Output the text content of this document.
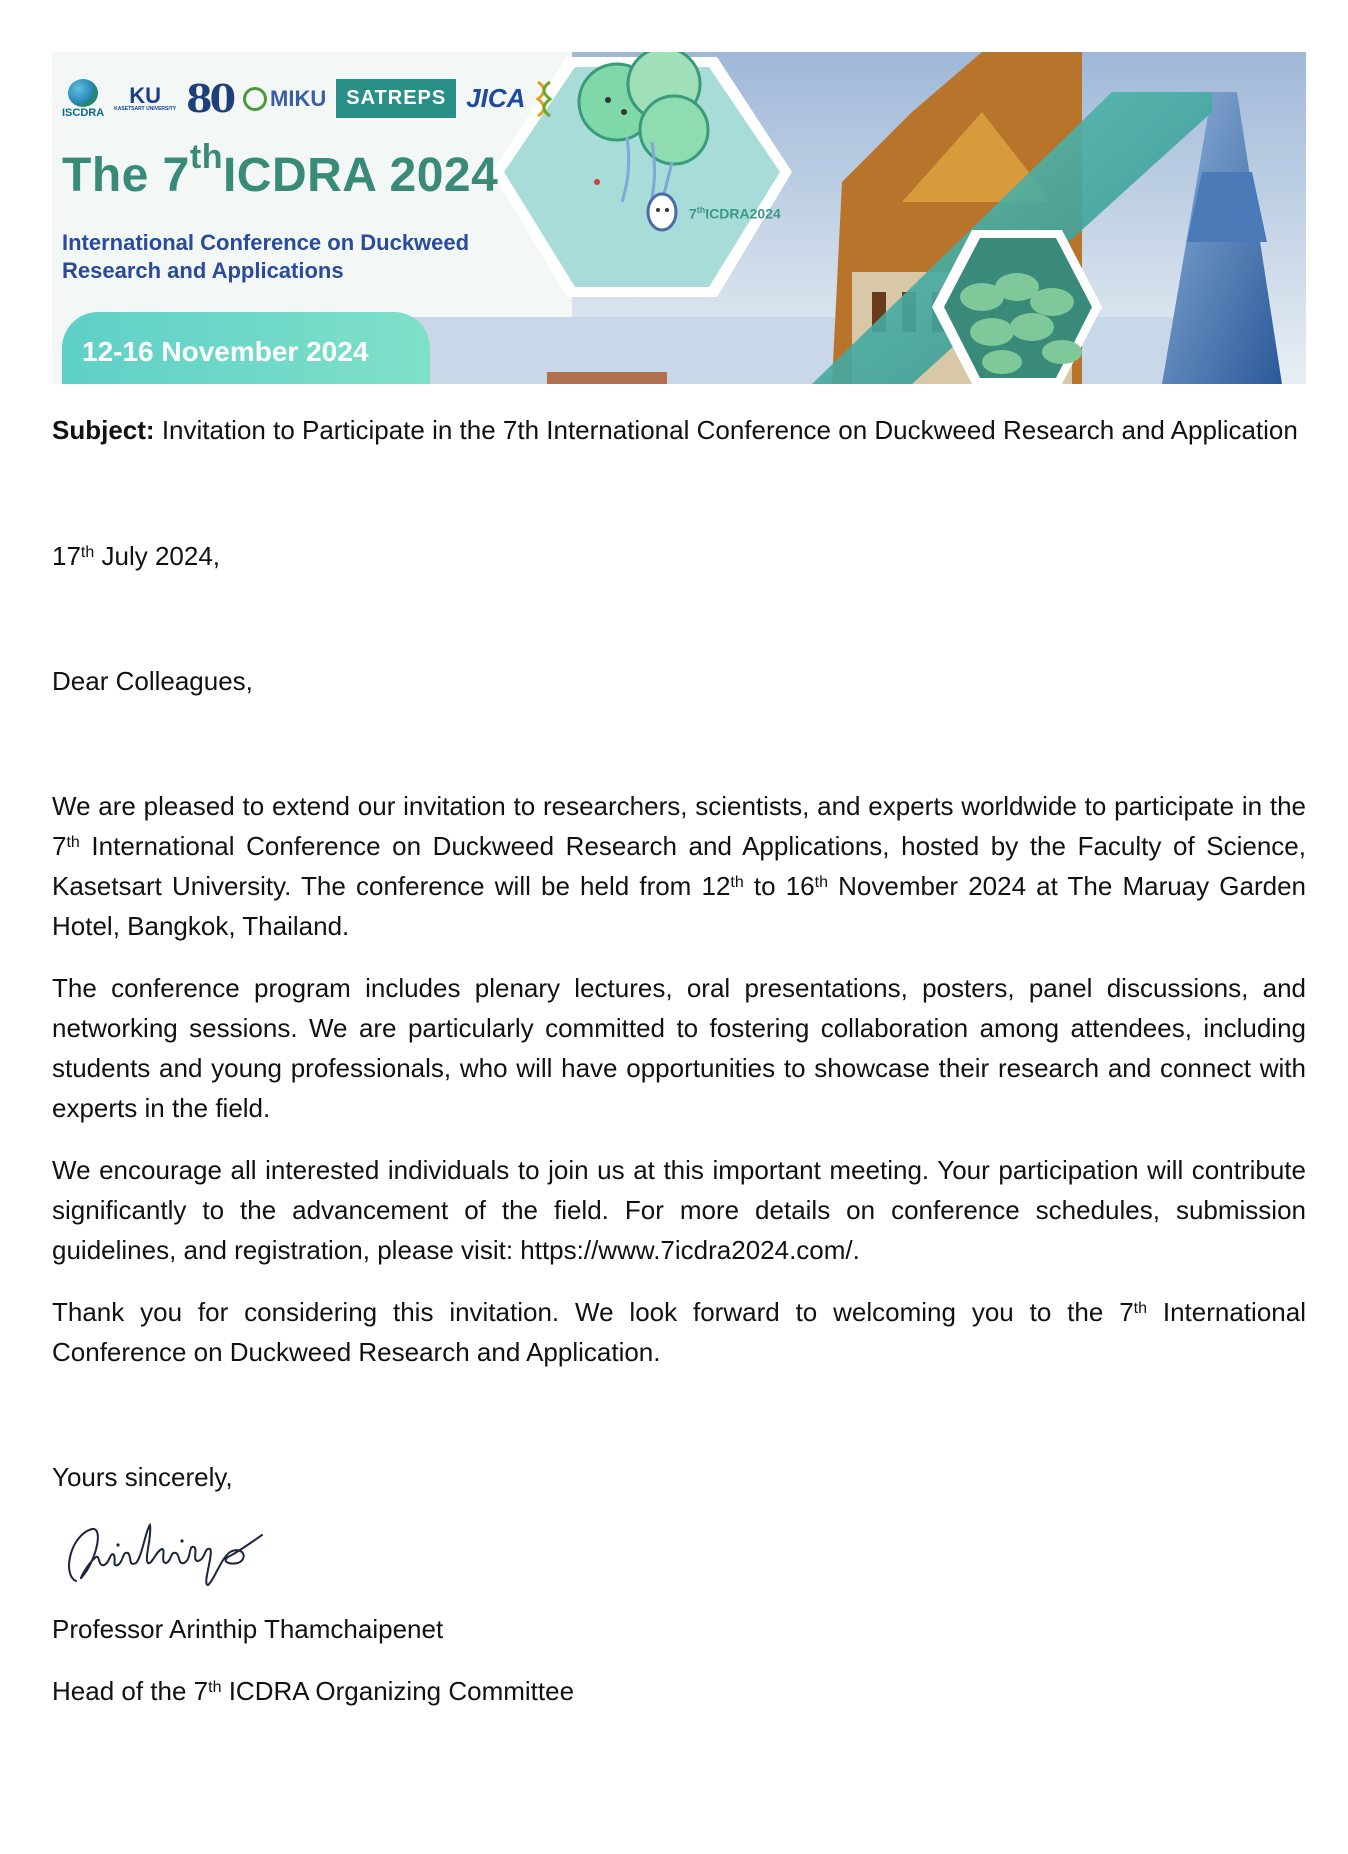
ISCDRA
KU
KASETSART UNIVERSITY 80 MIKU	SATREPS JICA
The 7thICDRA 2024
International Conference on Duckweed
Research and Applications
12-16 November 2024
7thICDRA2024

Subject: Invitation to Participate in the 7th International Conference on Duckweed Research and Application

17th July 2024,

Dear Colleagues,

We are pleased to extend our invitation to researchers, scientists, and experts worldwide to participate in the 7th International Conference on Duckweed Research and Applications, hosted by the Faculty of Science, Kasetsart University. The conference will be held from 12th to 16th November 2024 at The Maruay Garden Hotel, Bangkok, Thailand.

The conference program includes plenary lectures, oral presentations, posters, panel discussions, and networking sessions. We are particularly committed to fostering collaboration among attendees, including students and young professionals, who will have opportunities to showcase their research and connect with experts in the field.

We encourage all interested individuals to join us at this important meeting. Your participation will contribute significantly to the advancement of the field. For more details on conference schedules, submission guidelines, and registration, please visit: https://www.7icdra2024.com/.

Thank you for considering this invitation. We look forward to welcoming you to the 7th International Conference on Duckweed Research and Application.

Yours sincerely,

Professor Arinthip Thamchaipenet

Head of the 7th ICDRA Organizing Committee
